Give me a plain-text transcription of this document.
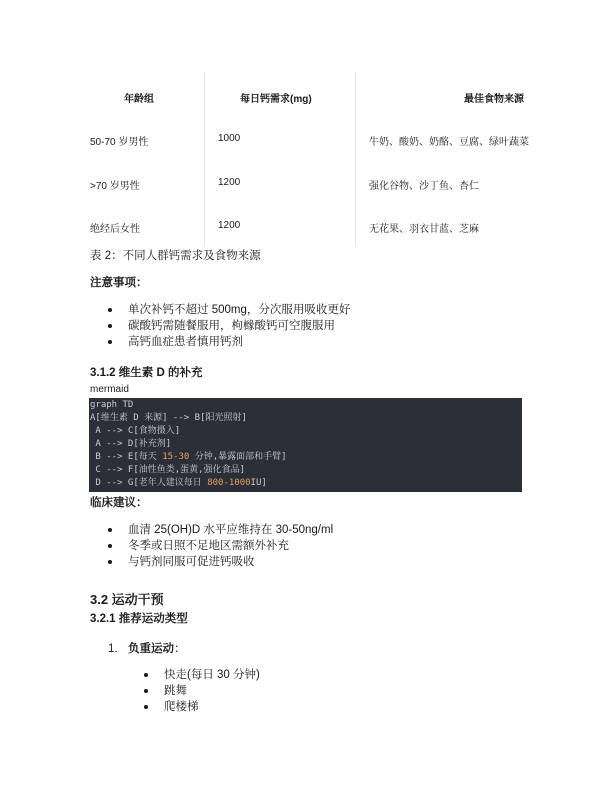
年龄组	每日钙需求(mg)	最佳食物来源
50-70 岁男性	1000	牛奶、酸奶、奶酪、豆腐、绿叶蔬菜
>70 岁男性	1200	强化谷物、沙丁鱼、杏仁
绝经后女性	1200	无花果、羽衣甘蓝、芝麻
表 2：不同人群钙需求及食物来源
注意事项：
单次补钙不超过 500mg，分次服用吸收更好
碳酸钙需随餐服用，枸橼酸钙可空腹服用
高钙血症患者慎用钙剂
3.1.2 维生素 D 的补充
mermaid
graph TD
A[维生素 D 来源] --> B[阳光照射]
A --> C[食物摄入]
A --> D[补充剂]
B --> E[每天 15-30 分钟,暴露面部和手臂]
C --> F[油性鱼类,蛋黄,强化食品]
D --> G[老年人建议每日 800-1000IU]
临床建议：
血清 25(OH)D 水平应维持在 30-50ng/ml
冬季或日照不足地区需额外补充
与钙剂同服可促进钙吸收
3.2 运动干预
3.2.1 推荐运动类型
1. 负重运动：
快走(每日 30 分钟)
跳舞
爬楼梯
